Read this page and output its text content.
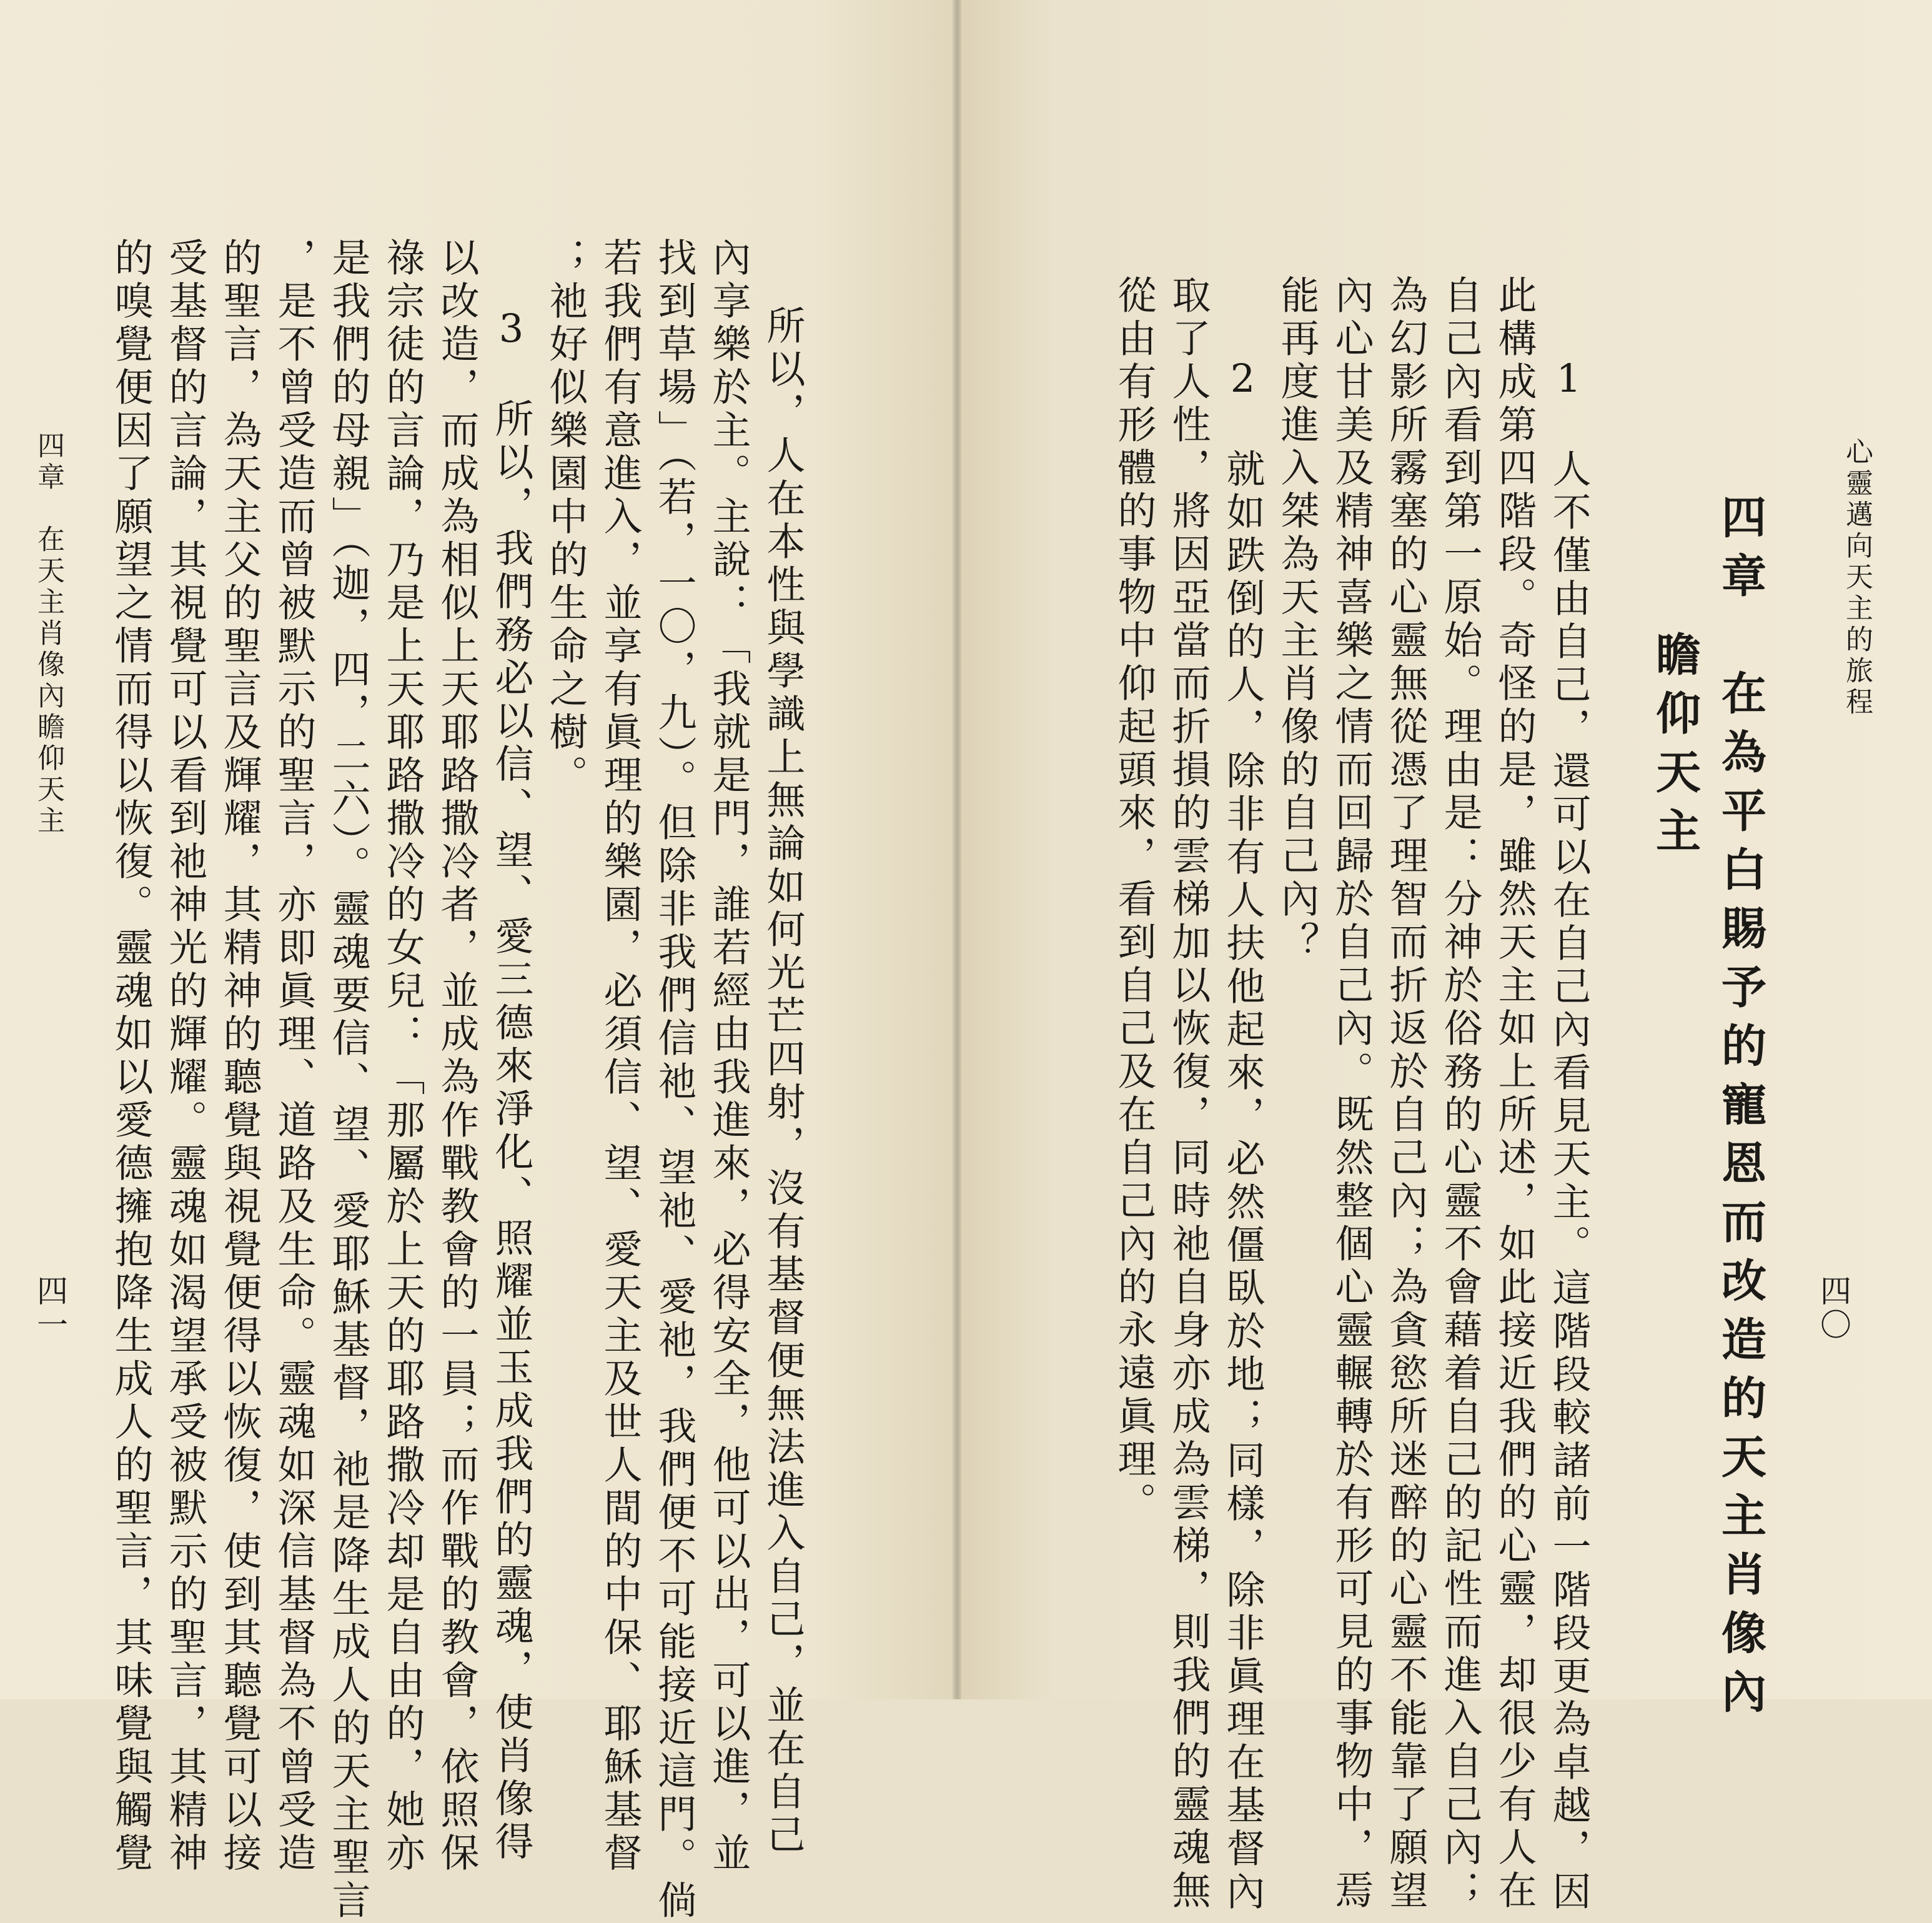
心靈邁向天主的旅程
四〇
四章　在為平白賜予的寵恩而改造的天主肖像內
瞻仰天主
　1　人不僅由自己，還可以在自己內看見天主。這階段較諸前一階段更為卓越，因
此構成第四階段。奇怪的是，雖然天主如上所述，如此接近我們的心靈，却很少有人在
自己內看到第一原始。理由是：分神於俗務的心靈不會藉着自己的記性而進入自己內；
為幻影所霧塞的心靈無從憑了理智而折返於自己內；為貪慾所迷醉的心靈不能靠了願望
內心甘美及精神喜樂之情而回歸於自己內。既然整個心靈輾轉於有形可見的事物中，焉
能再度進入桀為天主肖像的自己內？
　2　就如跌倒的人，除非有人扶他起來，必然僵臥於地；同樣，除非眞理在基督內
取了人性，將因亞當而折損的雲梯加以恢復，同時祂自身亦成為雲梯，則我們的靈魂無
從由有形體的事物中仰起頭來，看到自己及在自己內的永遠眞理。
　所以，人在本性與學識上無論如何光芒四射，沒有基督便無法進入自己，並在自己
內享樂於主。主說：「我就是門，誰若經由我進來，必得安全，他可以出，可以進，並
找到草場」（若，一〇，九）。但除非我們信祂、望祂、愛祂，我們便不可能接近這門。倘
若我們有意進入，並享有眞理的樂園，必須信、望、愛天主及世人間的中保、耶穌基督
；祂好似樂園中的生命之樹。
　3　所以，我們務必以信、望、愛三德來淨化、照耀並玉成我們的靈魂，使肖像得
以改造，而成為相似上天耶路撒冷者，並成為作戰教會的一員；而作戰的教會，依照保
祿宗徒的言論，乃是上天耶路撒冷的女兒：「那屬於上天的耶路撒冷却是自由的，她亦
是我們的母親」（迦，四，二六）。靈魂要信、望、愛耶穌基督，祂是降生成人的天主聖言
，是不曾受造而曾被默示的聖言，亦即眞理、道路及生命。靈魂如深信基督為不曾受造
的聖言，為天主父的聖言及輝耀，其精神的聽覺與視覺便得以恢復，使到其聽覺可以接
受基督的言論，其視覺可以看到祂神光的輝耀。靈魂如渴望承受被默示的聖言，其精神
的嗅覺便因了願望之情而得以恢復。靈魂如以愛德擁抱降生成人的聖言，其味覺與觸覺
四章　在天主肖像內瞻仰天主
四一
